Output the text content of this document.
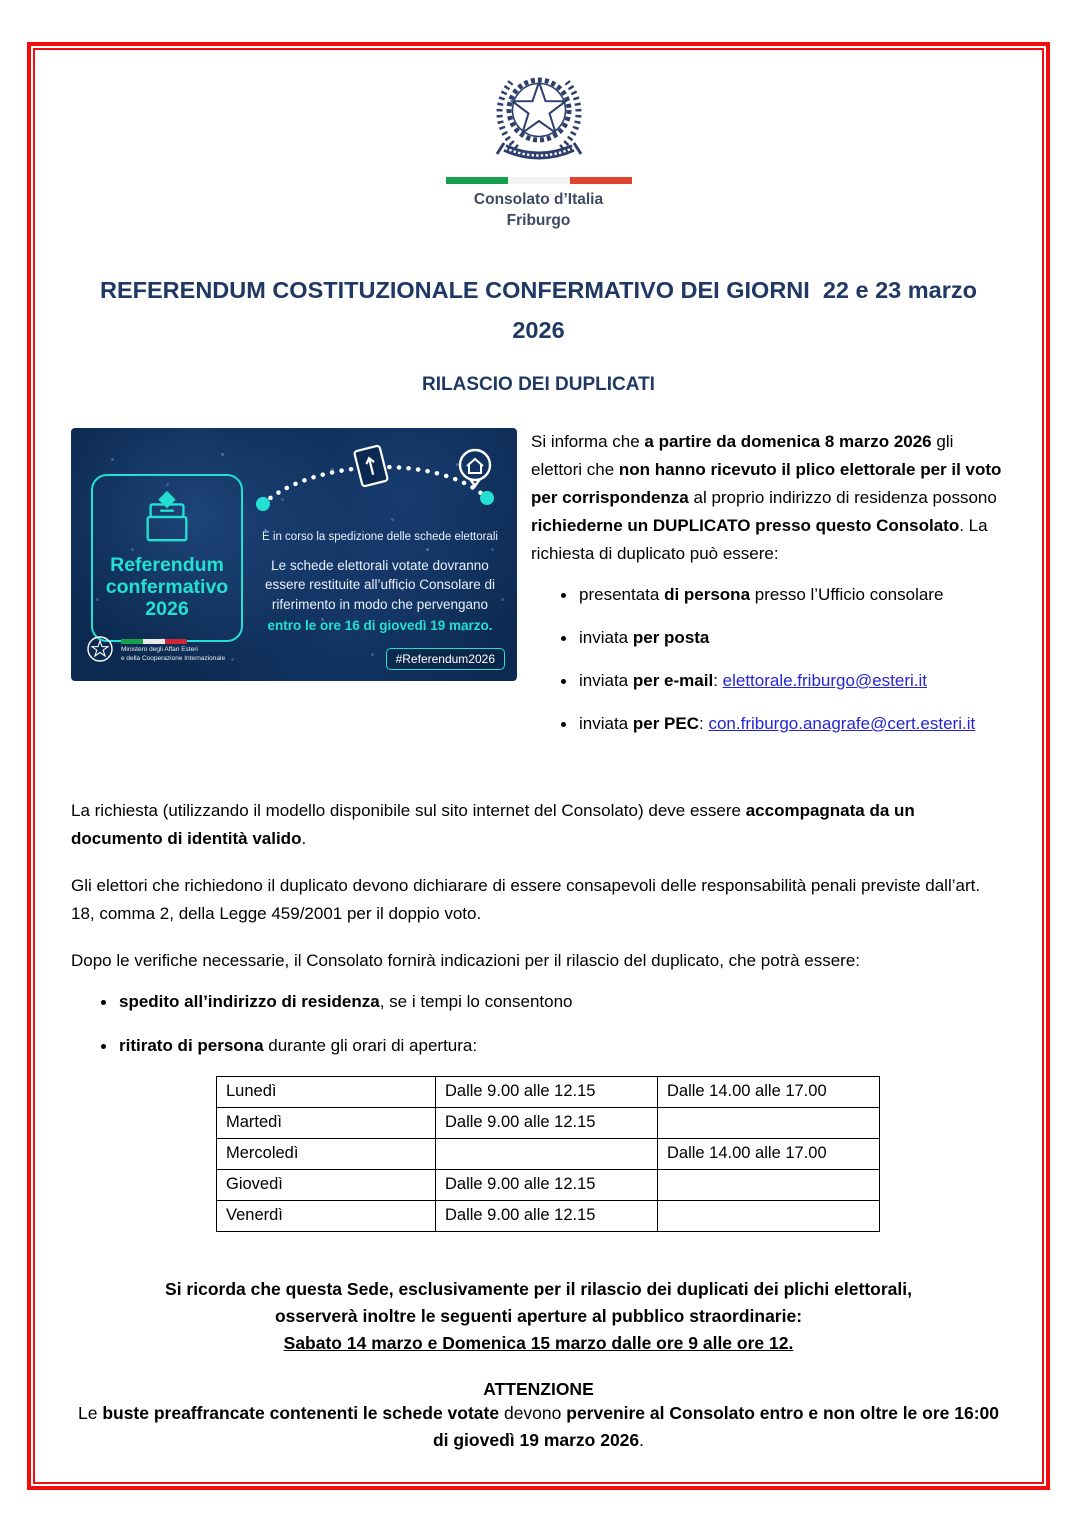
Consolato d’Italia
Friburgo
REFERENDUM COSTITUZIONALE CONFERMATIVO DEI GIORNI  22 e 23 marzo
2026
RILASCIO DEI DUPLICATI
Referendum confermativo 2026
È in corso la spedizione delle schede elettorali
Le schede elettorali votate dovranno essere restituite all’ufficio Consolare di riferimento in modo che pervengano
entro le ore 16 di giovedì 19 marzo.
Ministero degli Affari Esteri
e della Cooperazione Internazionale	#Referendum2026

Si informa che a partire da domenica 8 marzo 2026 gli elettori che non hanno ricevuto il plico elettorale per il voto per corrispondenza al proprio indirizzo di residenza possono richiederne un DUPLICATO presso questo Consolato. La richiesta di duplicato può essere:

presentata di persona presso l’Ufficio consolare
inviata per posta
inviata per e-mail: elettorale.friburgo@esteri.it
inviata per PEC: con.friburgo.anagrafe@cert.esteri.it

La richiesta (utilizzando il modello disponibile sul sito internet del Consolato) deve essere accompagnata da un documento di identità valido.

Gli elettori che richiedono il duplicato devono dichiarare di essere consapevoli delle responsabilità penali previste dall’art. 18, comma 2, della Legge 459/2001 per il doppio voto.

Dopo le verifiche necessarie, il Consolato fornirà indicazioni per il rilascio del duplicato, che potrà essere:

spedito all’indirizzo di residenza, se i tempi lo consentono
ritirato di persona durante gli orari di apertura:
Lunedì	Dalle 9.00 alle 12.15	Dalle 14.00 alle 17.00
Martedì	Dalle 9.00 alle 12.15	
Mercoledì		Dalle 14.00 alle 17.00
Giovedì	Dalle 9.00 alle 12.15	
Venerdì	Dalle 9.00 alle 12.15	
Si ricorda che questa Sede, esclusivamente per il rilascio dei duplicati dei plichi elettorali,
osserverà inoltre le seguenti aperture al pubblico straordinarie:
Sabato 14 marzo e Domenica 15 marzo dalle ore 9 alle ore 12.
ATTENZIONE

Le buste preaffrancate contenenti le schede votate devono pervenire al Consolato entro e non oltre le ore 16:00 di giovedì 19 marzo 2026.
